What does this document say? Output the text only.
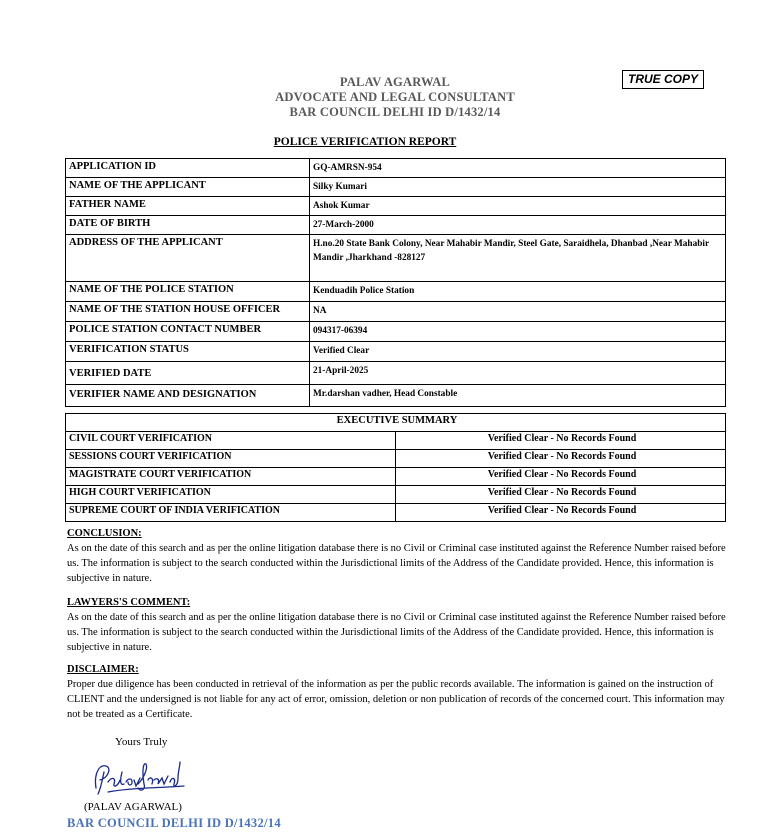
PALAV AGARWAL
ADVOCATE AND LEGAL CONSULTANT
BAR COUNCIL DELHI ID D/1432/14
TRUE COPY
POLICE VERIFICATION REPORT
APPLICATION ID	GQ-AMRSN-954
NAME OF THE APPLICANT	Silky Kumari
FATHER NAME	Ashok Kumar
DATE OF BIRTH	27-March-2000
ADDRESS OF THE APPLICANT	H.no.20 State Bank Colony, Near Mahabir Mandir, Steel Gate, Saraidhela, Dhanbad ,Near Mahabir Mandir ,Jharkhand -828127
NAME OF THE POLICE STATION	Kenduadih Police Station
NAME OF THE STATION HOUSE OFFICER	NA
POLICE STATION CONTACT NUMBER	094317-06394
VERIFICATION STATUS	Verified Clear
VERIFIED DATE	21-April-2025
VERIFIER NAME AND DESIGNATION	Mr.darshan vadher, Head Constable
EXECUTIVE SUMMARY	
CIVIL COURT VERIFICATION	Verified Clear - No Records Found
SESSIONS COURT VERIFICATION	Verified Clear - No Records Found
MAGISTRATE COURT VERIFICATION	Verified Clear - No Records Found
HIGH COURT VERIFICATION	Verified Clear - No Records Found
SUPREME COURT OF INDIA VERIFICATION	Verified Clear - No Records Found
CONCLUSION:

As on the date of this search and as per the online litigation database there is no Civil or Criminal case instituted against the Reference Number raised before us. The information is subject to the search conducted within the Jurisdictional limits of the Address of the Candidate provided. Hence, this information is subjective in nature.

LAWYERS'S COMMENT:

As on the date of this search and as per the online litigation database there is no Civil or Criminal case instituted against the Reference Number raised before us. The information is subject to the search conducted within the Jurisdictional limits of the Address of the Candidate provided. Hence, this information is subjective in nature.

DISCLAIMER:

Proper due diligence has been conducted in retrieval of the information as per the public records available. The information is gained on the instruction of CLIENT and the undersigned is not liable for any act of error, omission, deletion or non publication of records of the concerned court. This information may not be treated as a Certificate.

Yours Truly
(PALAV AGARWAL)
BAR COUNCIL DELHI ID D/1432/14
